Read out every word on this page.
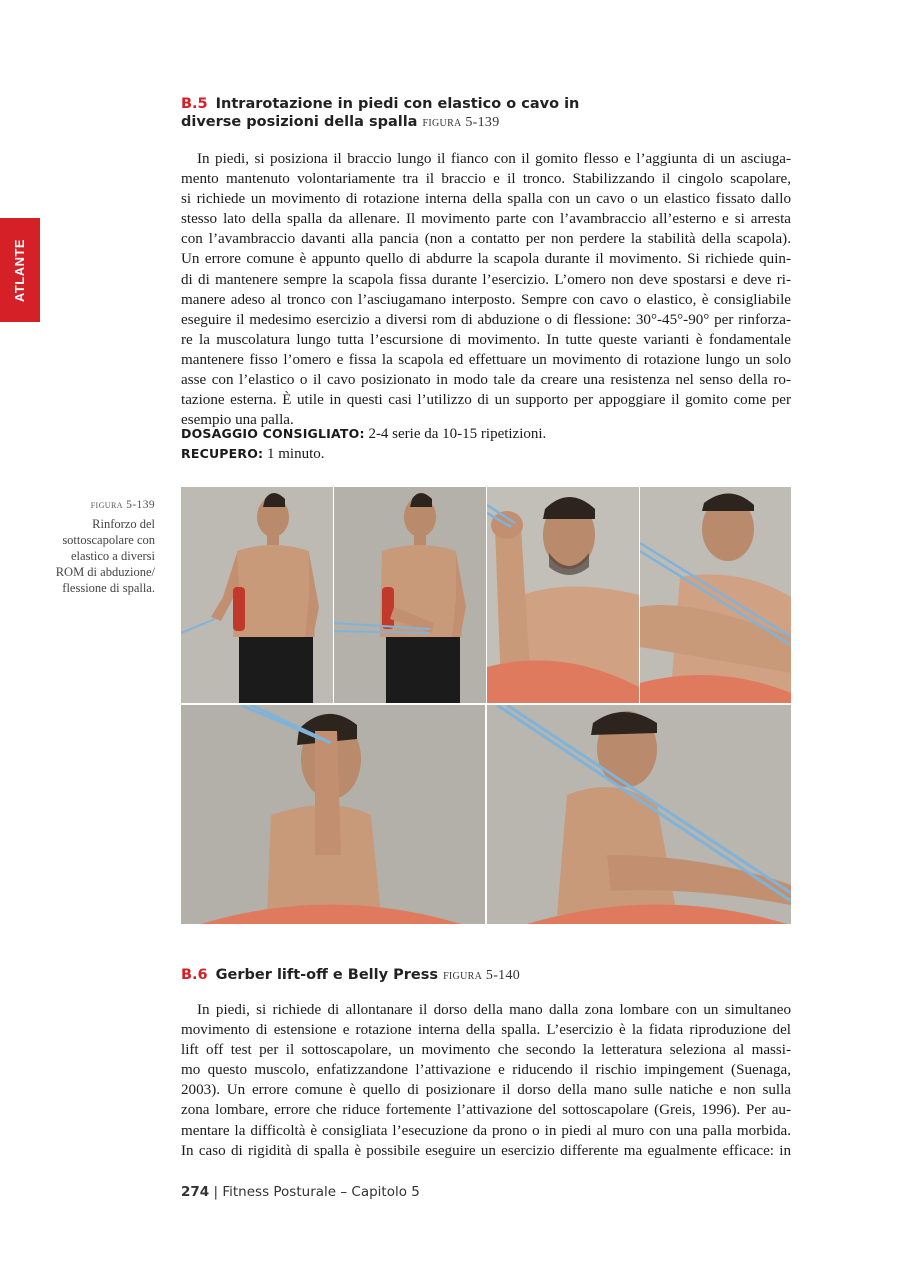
ATLANTE
B.5 Intrarotazione in piedi con elastico o cavo in
diverse posizioni della spalla figura 5-139
In piedi, si posiziona il braccio lungo il fianco con il gomito flesso e l’aggiunta di un asciuga-
mento mantenuto volontariamente tra il braccio e il tronco. Stabilizzando il cingolo scapolare,
si richiede un movimento di rotazione interna della spalla con un cavo o un elastico fissato dallo
stesso lato della spalla da allenare. Il movimento parte con l’avambraccio all’esterno e si arresta
con l’avambraccio davanti alla pancia (non a contatto per non perdere la stabilità della scapola).
Un errore comune è appunto quello di abdurre la scapola durante il movimento. Si richiede quin-
di di mantenere sempre la scapola fissa durante l’esercizio. L’omero non deve spostarsi e deve ri-
manere adeso al tronco con l’asciugamano interposto. Sempre con cavo o elastico, è consigliabile
eseguire il medesimo esercizio a diversi rom di abduzione o di flessione: 30°-45°-90° per rinforza-
re la muscolatura lungo tutta l’escursione di movimento. In tutte queste varianti è fondamentale
mantenere fisso l’omero e fissa la scapola ed effettuare un movimento di rotazione lungo un solo
asse con l’elastico o il cavo posizionato in modo tale da creare una resistenza nel senso della ro-
tazione esterna. È utile in questi casi l’utilizzo di un supporto per appoggiare il gomito come per
esempio una palla.
DOSAGGIO CONSIGLIATO: 2-4 serie da 10-15 ripetizioni.
RECUPERO: 1 minuto.
figura 5-139
Rinforzo del
sottoscapolare con
elastico a diversi
ROM di abduzione/
flessione di spalla.
B.6 Gerber lift-off e Belly Press figura 5-140
In piedi, si richiede di allontanare il dorso della mano dalla zona lombare con un simultaneo
movimento di estensione e rotazione interna della spalla. L’esercizio è la fidata riproduzione del
lift off test per il sottoscapolare, un movimento che secondo la letteratura seleziona al massi-
mo questo muscolo, enfatizzandone l’attivazione e riducendo il rischio impingement (Suenaga,
2003). Un errore comune è quello di posizionare il dorso della mano sulle natiche e non sulla
zona lombare, errore che riduce fortemente l’attivazione del sottoscapolare (Greis, 1996). Per au-
mentare la difficoltà è consigliata l’esecuzione da prono o in piedi al muro con una palla morbida.
In caso di rigidità di spalla è possibile eseguire un esercizio differente ma egualmente efficace: in
274 | Fitness Posturale – Capitolo 5
